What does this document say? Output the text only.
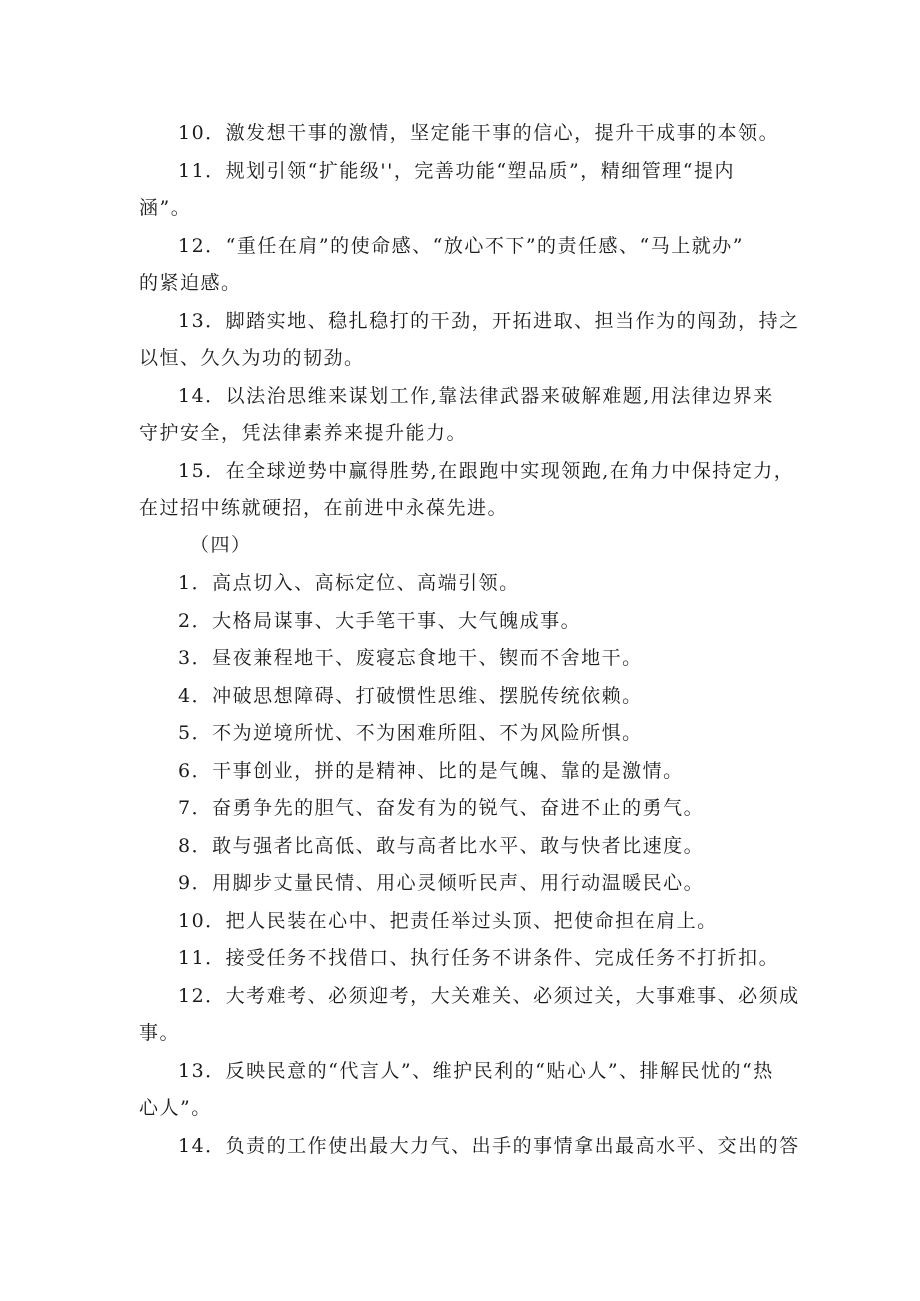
10．激发想干事的激情，坚定能干事的信心，提升干成事的本领。
11．规划引领“扩能级''，完善功能“塑品质”，精细管理“提内
涵”。
12．“重任在肩”的使命感、“放心不下”的责任感、“马上就办”
的紧迫感。
13．脚踏实地、稳扎稳打的干劲，开拓进取、担当作为的闯劲，持之
以恒、久久为功的韧劲。
14．以法治思维来谋划工作,靠法律武器来破解难题,用法律边界来
守护安全，凭法律素养来提升能力。
15．在全球逆势中赢得胜势,在跟跑中实现领跑,在角力中保持定力，
在过招中练就硬招，在前进中永葆先进。
（四）
1．高点切入、高标定位、高端引领。
2．大格局谋事、大手笔干事、大气魄成事。
3．昼夜兼程地干、废寝忘食地干、锲而不舍地干。
4．冲破思想障碍、打破惯性思维、摆脱传统依赖。
5．不为逆境所忧、不为困难所阻、不为风险所惧。
6．干事创业，拼的是精神、比的是气魄、靠的是激情。
7．奋勇争先的胆气、奋发有为的锐气、奋进不止的勇气。
8．敢与强者比高低、敢与高者比水平、敢与快者比速度。
9．用脚步丈量民情、用心灵倾听民声、用行动温暖民心。
10．把人民装在心中、把责任举过头顶、把使命担在肩上。
11．接受任务不找借口、执行任务不讲条件、完成任务不打折扣。
12．大考难考、必须迎考，大关难关、必须过关，大事难事、必须成
事。
13．反映民意的“代言人”、维护民利的“贴心人”、排解民忧的“热
心人”。
14．负责的工作使出最大力气、出手的事情拿出最高水平、交出的答
